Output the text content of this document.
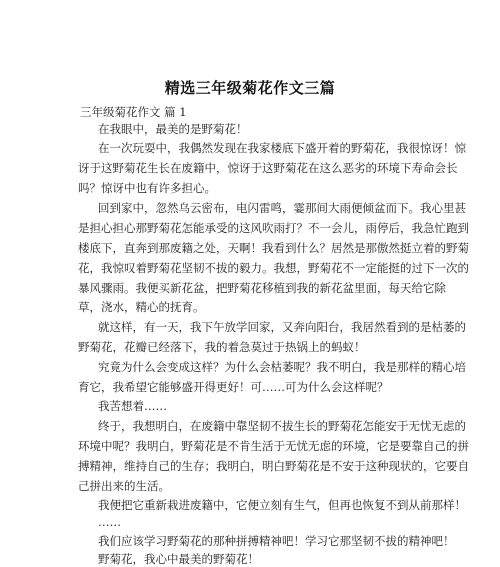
精选三年级菊花作文三篇
三年级菊花作文 篇 1
在我眼中，最美的是野菊花！
在一次玩耍中，我偶然发现在我家楼底下盛开着的野菊花，我很惊讶！惊
讶于这野菊花生长在废籍中，惊讶于这野菊花在这么恶劣的环境下寿命会长
吗？惊讶中也有许多担心。
回到家中，忽然乌云密布，电闪雷鸣，霎那间大雨便倾盆而下。我心里甚
是担心担心那野菊花怎能承受的这风吹雨打？不一会儿，雨停后，我急忙跑到
楼底下，直奔到那废籍之处，天啊！我看到什么？居然是那傲然挺立着的野菊
花，我惊叹着野菊花坚韧不拔的毅力。我想，野菊花不一定能挺的过下一次的
暴风骤雨。我便买新花盆，把野菊花移植到我的新花盆里面，每天给它除
草，浇水，精心的抚育。
就这样，有一天，我下午放学回家，又奔向阳台，我居然看到的是枯萎的
野菊花，花瓣已经落下，我的着急莫过于热锅上的蚂蚁！
究竟为什么会变成这样？为什么会枯萎呢？我不明白，我是那样的精心培
育它，我希望它能够盛开得更好！可……可为什么会这样呢？
我苦想着……
终于，我想明白，在废籍中靠坚韧不拔生长的野菊花怎能安于无忧无虑的
环境中呢？我明白，野菊花是不肯生活于无忧无虑的环境，它是要靠自己的拼
搏精神，维持自己的生存；我明白，明白野菊花是不安于这种现状的，它要自
己拼出来的生活。
我便把它重新栽进废籍中，它便立刻有生气，但再也恢复不到从前那样！
……
我们应该学习野菊花的那种拼搏精神吧！学习它那坚韧不拔的精神吧！
野菊花，我心中最美的野菊花！
